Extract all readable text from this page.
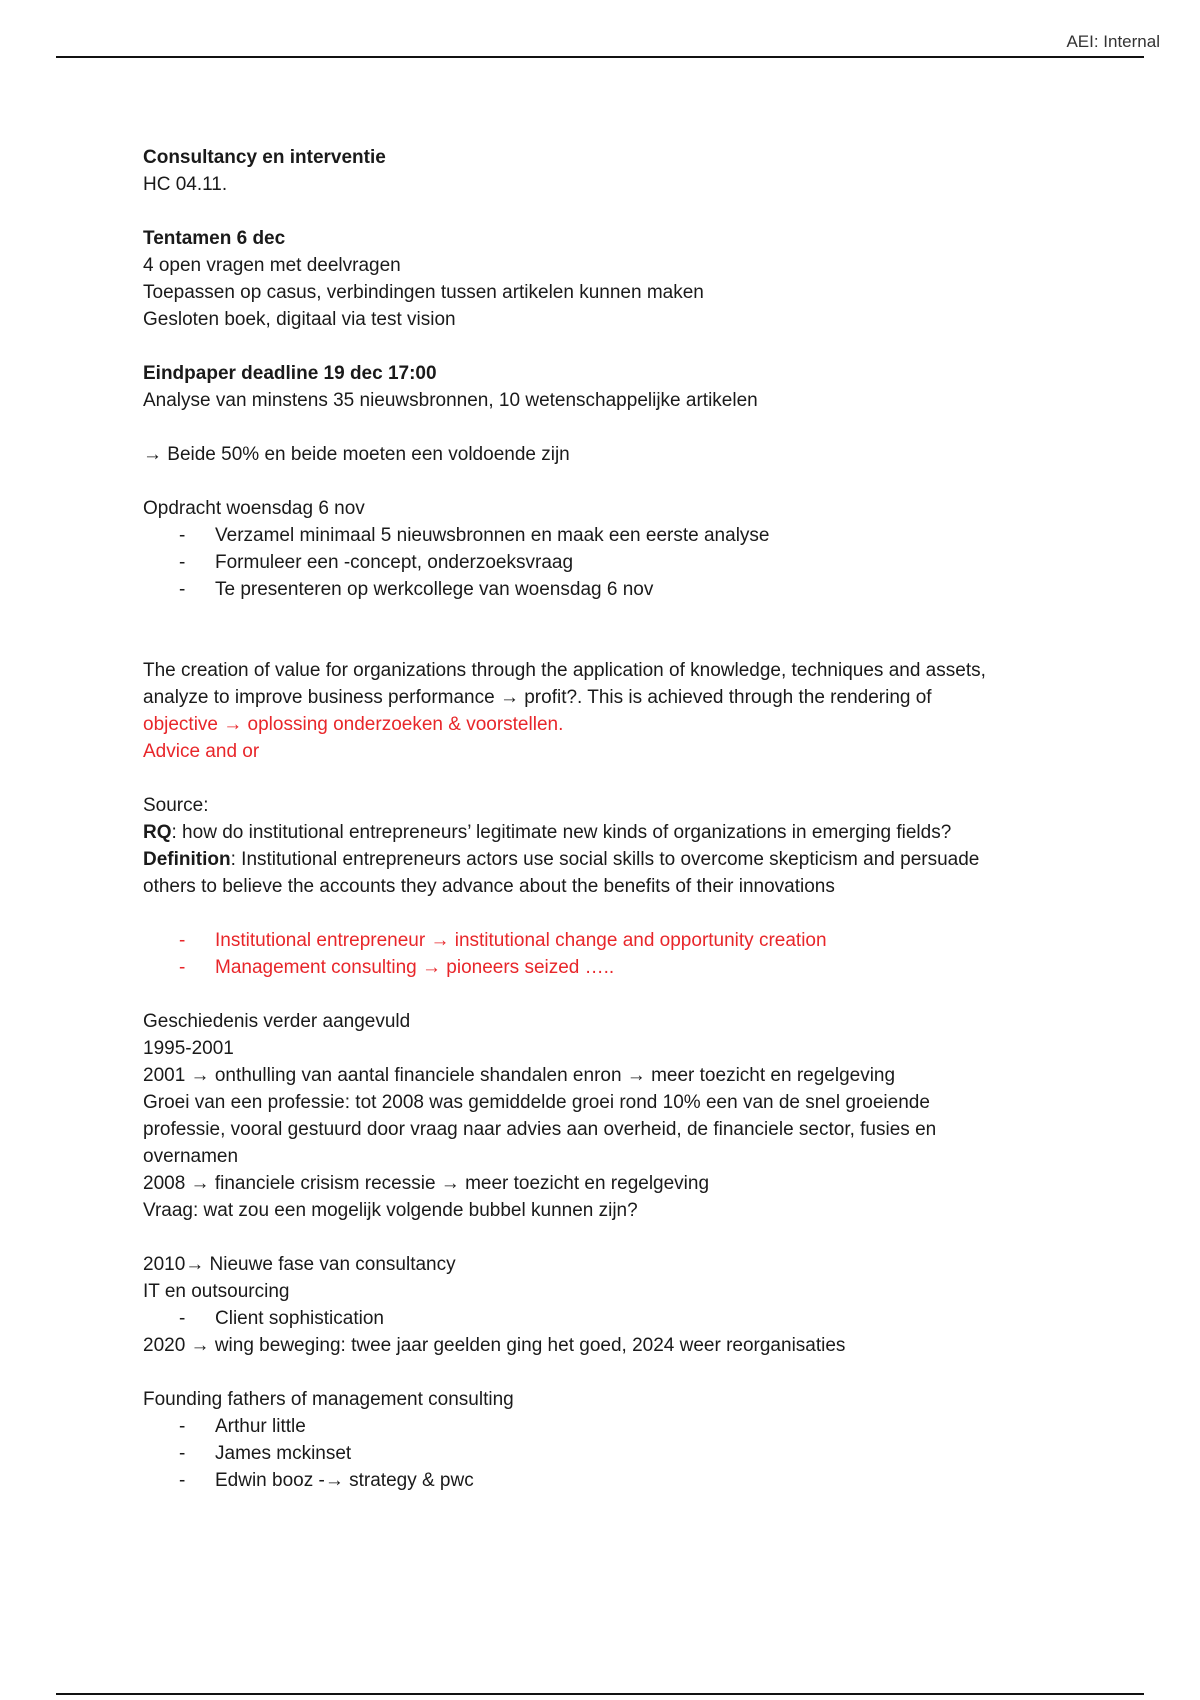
AEI: Internal

Consultancy en interventie

HC 04.11.

Tentamen 6 dec

4 open vragen met deelvragen

Toepassen op casus, verbindingen tussen artikelen kunnen maken

Gesloten boek, digitaal via test vision

Eindpaper deadline 19 dec 17:00

Analyse van minstens 35 nieuwsbronnen, 10 wetenschappelijke artikelen

→ Beide 50% en beide moeten een voldoende zijn

Opdracht woensdag 6 nov

- Verzamel minimaal 5 nieuwsbronnen en maak een eerste analyse
- Formuleer een -concept, onderzoeksvraag
- Te presenteren op werkcollege van woensdag 6 nov

The creation of value for organizations through the application of knowledge, techniques and assets,

analyze to improve business performance → profit?. This is achieved through the rendering of

objective → oplossing onderzoeken & voorstellen.

Advice and or

Source:

RQ: how do institutional entrepreneurs’ legitimate new kinds of organizations in emerging fields?

Definition: Institutional entrepreneurs actors use social skills to overcome skepticism and persuade

others to believe the accounts they advance about the benefits of their innovations

- Institutional entrepreneur → institutional change and opportunity creation
- Management consulting → pioneers seized …..

Geschiedenis verder aangevuld

1995-2001

2001 → onthulling van aantal financiele shandalen enron → meer toezicht en regelgeving

Groei van een professie: tot 2008 was gemiddelde groei rond 10% een van de snel groeiende

professie, vooral gestuurd door vraag naar advies aan overheid, de financiele sector, fusies en

overnamen

2008 → financiele crisism recessie → meer toezicht en regelgeving

Vraag: wat zou een mogelijk volgende bubbel kunnen zijn?

2010→ Nieuwe fase van consultancy

IT en outsourcing

- Client sophistication

2020 → wing beweging: twee jaar geelden ging het goed, 2024 weer reorganisaties

Founding fathers of management consulting

- Arthur little
- James mckinset
- Edwin booz -→ strategy & pwc
